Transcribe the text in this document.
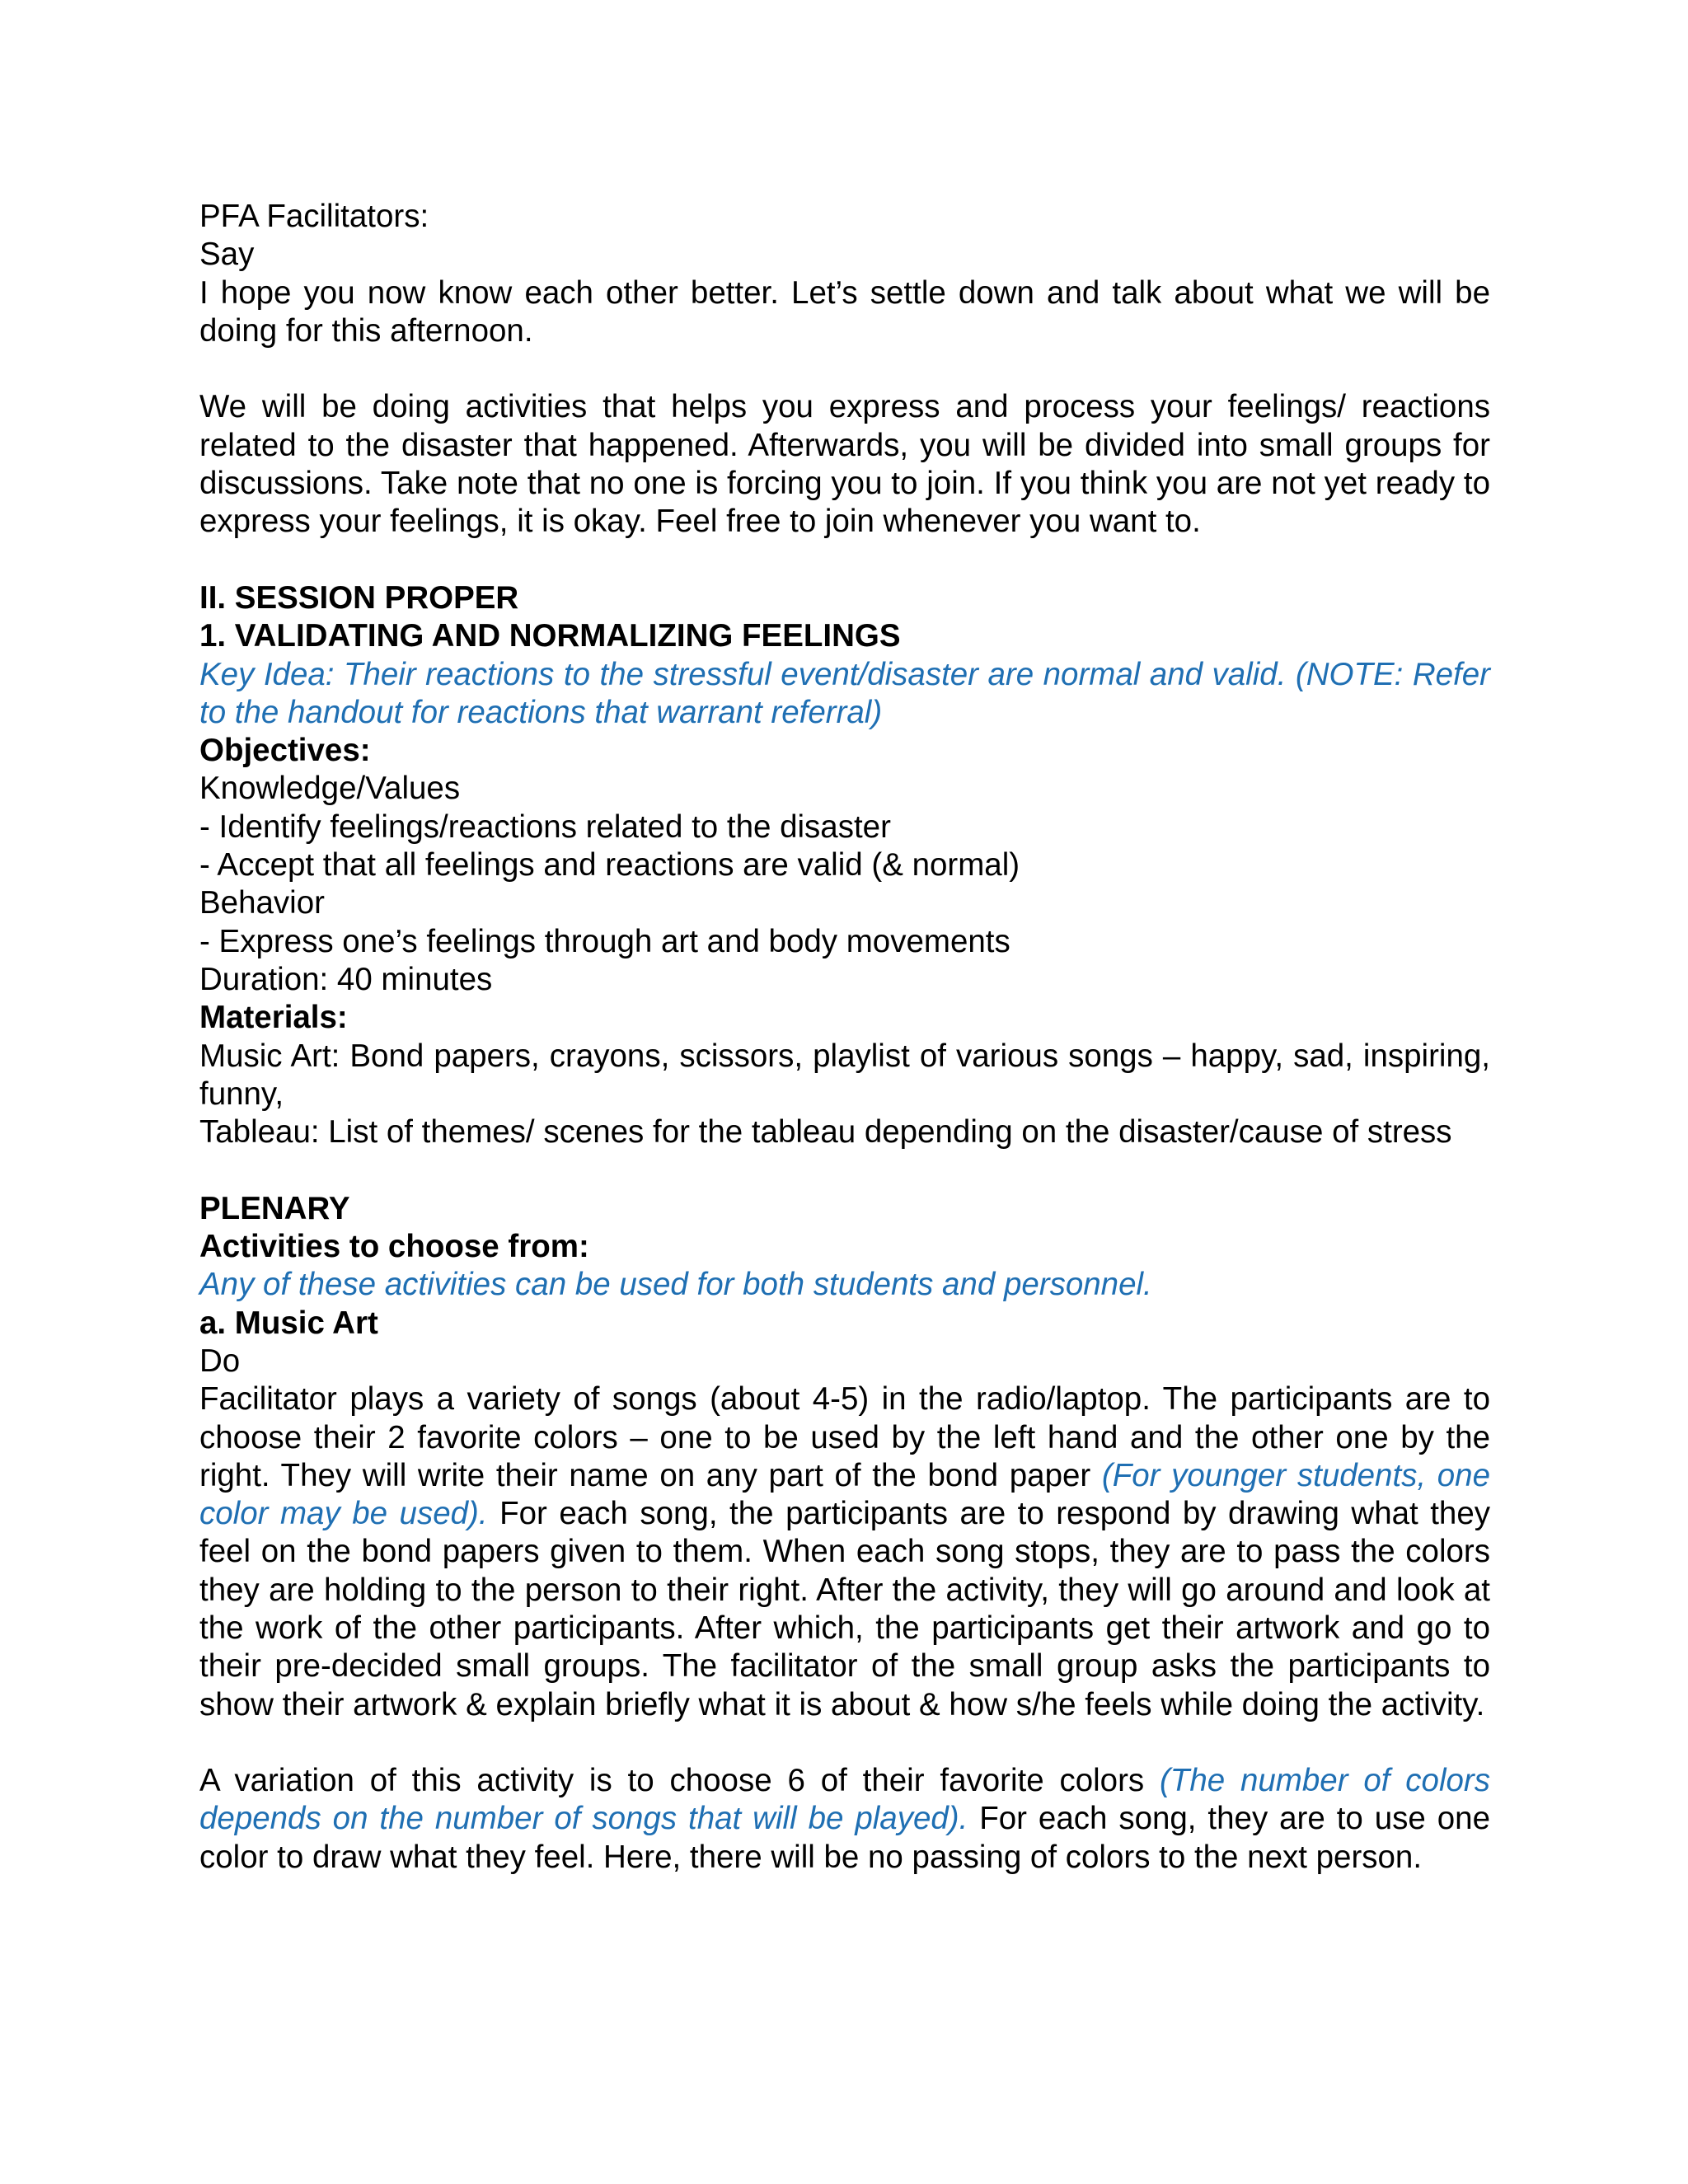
PFA Facilitators:
Say
I hope you now know each other better. Let’s settle down and talk about what we will be doing for this afternoon.
We will be doing activities that helps you express and process your feelings/ reactions related to the disaster that happened. Afterwards, you will be divided into small groups for discussions. Take note that no one is forcing you to join. If you think you are not yet ready to express your feelings, it is okay. Feel free to join whenever you want to.
II. SESSION PROPER
1. VALIDATING AND NORMALIZING FEELINGS
Key Idea: Their reactions to the stressful event/disaster are normal and valid. (NOTE: Refer to the handout for reactions that warrant referral)
Objectives:
Knowledge/Values
- Identify feelings/reactions related to the disaster
- Accept that all feelings and reactions are valid (& normal)
Behavior
- Express one’s feelings through art and body movements
Duration: 40 minutes
Materials:
Music Art: Bond papers, crayons, scissors, playlist of various songs – happy, sad, inspiring, funny,
Tableau: List of themes/ scenes for the tableau depending on the disaster/cause of stress
PLENARY
Activities to choose from:
Any of these activities can be used for both students and personnel.
a. Music Art
Do
Facilitator plays a variety of songs (about 4-5) in the radio/laptop. The participants are to choose their 2 favorite colors – one to be used by the left hand and the other one by the right. They will write their name on any part of the bond paper (For younger students, one color may be used). For each song, the participants are to respond by drawing what they feel on the bond papers given to them. When each song stops, they are to pass the colors they are holding to the person to their right. After the activity, they will go around and look at the work of the other participants. After which, the participants get their artwork and go to their pre-decided small groups. The facilitator of the small group asks the participants to show their artwork & explain briefly what it is about & how s/he feels while doing the activity.
A variation of this activity is to choose 6 of their favorite colors (The number of colors depends on the number of songs that will be played). For each song, they are to use one color to draw what they feel. Here, there will be no passing of colors to the next person.
